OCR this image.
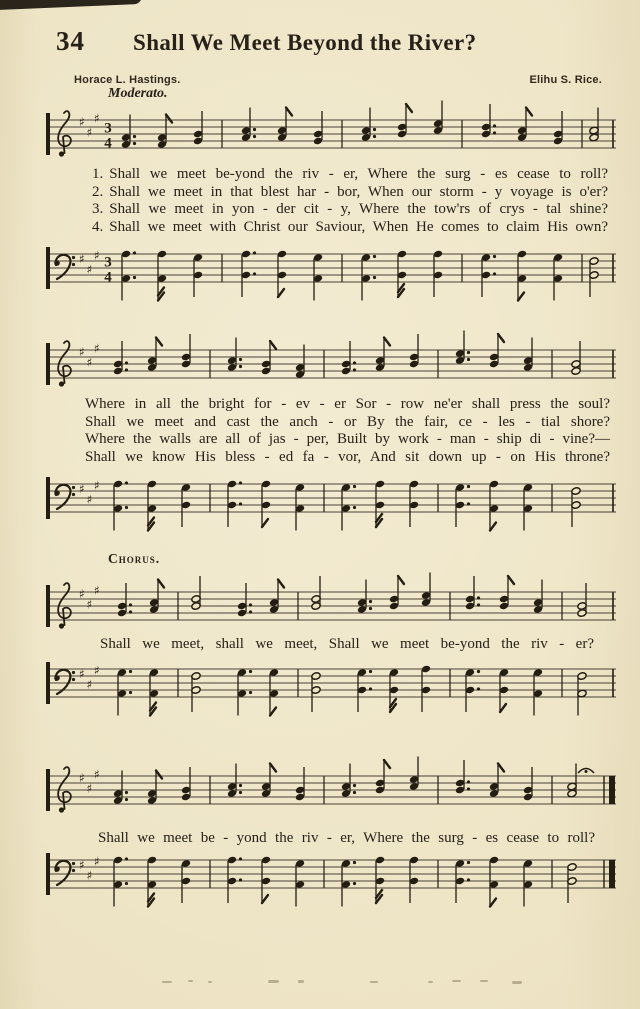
34 Shall We Meet Beyond the River?
Horace L. Hastings.	Elihu S. Rice.
Moderato.
♯
♯
♯
3
4
1. Shall we meet be-yond the riv - er, Where the surg - es cease to roll?
2. Shall we meet in that blest har - bor, When our storm - y voyage is o'er?
3. Shall we meet in yon - der cit - y, Where the tow'rs of crys - tal shine?
4. Shall we meet with Christ our Saviour, When He comes to claim His own?
♯
♯
♯ 3
4
♯
♯
♯
Where in all the bright for - ev - er Sor - row ne'er shall press the soul?
Shall we meet and cast the anch - or By the fair, ce - les - tial shore?
Where the walls are all of jas - per, Built by work - man - ship di - vine?—
Shall we know His bless - ed fa - vor, And sit down up - on His throne?
♯
♯
♯
Chorus.
♯
♯
♯
Shall we meet, shall we meet, Shall we meet be-yond the riv - er?
♯
♯
♯
♯
♯
♯
Shall we meet be - yond the riv - er, Where the surg - es cease to roll?
♯
♯
♯
